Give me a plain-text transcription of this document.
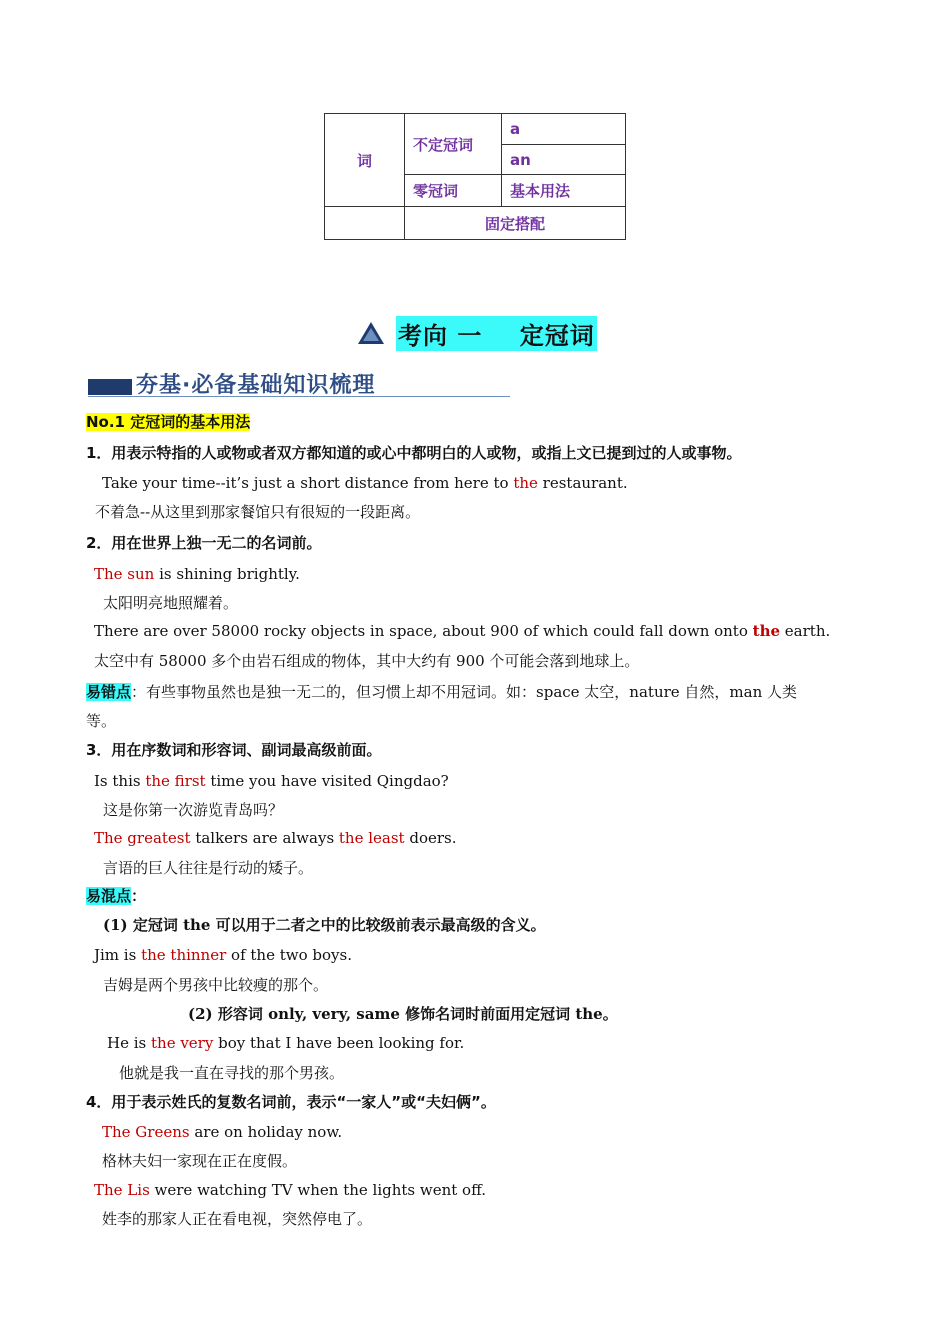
词	不定冠词	a
		an
	零冠词	基本用法
	固定搭配	
考向 一    定冠词
夯基·必备基础知识梳理
No.1 定冠词的基本用法
1．用表示特指的人或物或者双方都知道的或心中都明白的人或物，或指上文已提到过的人或事物。
Take your time--it’s just a short distance from here to the restaurant.
不着急--从这里到那家餐馆只有很短的一段距离。
2．用在世界上独一无二的名词前。
The sun is shining brightly.
太阳明亮地照耀着。
There are over 58000 rocky objects in space, about 900 of which could fall down onto the earth.
太空中有 58000 多个由岩石组成的物体，其中大约有 900 个可能会落到地球上。
易错点：有些事物虽然也是独一无二的，但习惯上却不用冠词。如：space 太空，nature 自然，man 人类
等。
3．用在序数词和形容词、副词最高级前面。
Is this the first time you have visited Qingdao?
这是你第一次游览青岛吗？
The greatest talkers are always the least doers.
言语的巨人往往是行动的矮子。
易混点：
(1) 定冠词 the 可以用于二者之中的比较级前表示最高级的含义。
Jim is the thinner of the two boys.
吉姆是两个男孩中比较瘦的那个。
(2) 形容词 only, very, same 修饰名词时前面用定冠词 the。
He is the very boy that I have been looking for.
他就是我一直在寻找的那个男孩。
4．用于表示姓氏的复数名词前，表示“一家人”或“夫妇俩”。
The Greens are on holiday now.
格林夫妇一家现在正在度假。
The Lis were watching TV when the lights went off.
姓李的那家人正在看电视，突然停电了。
